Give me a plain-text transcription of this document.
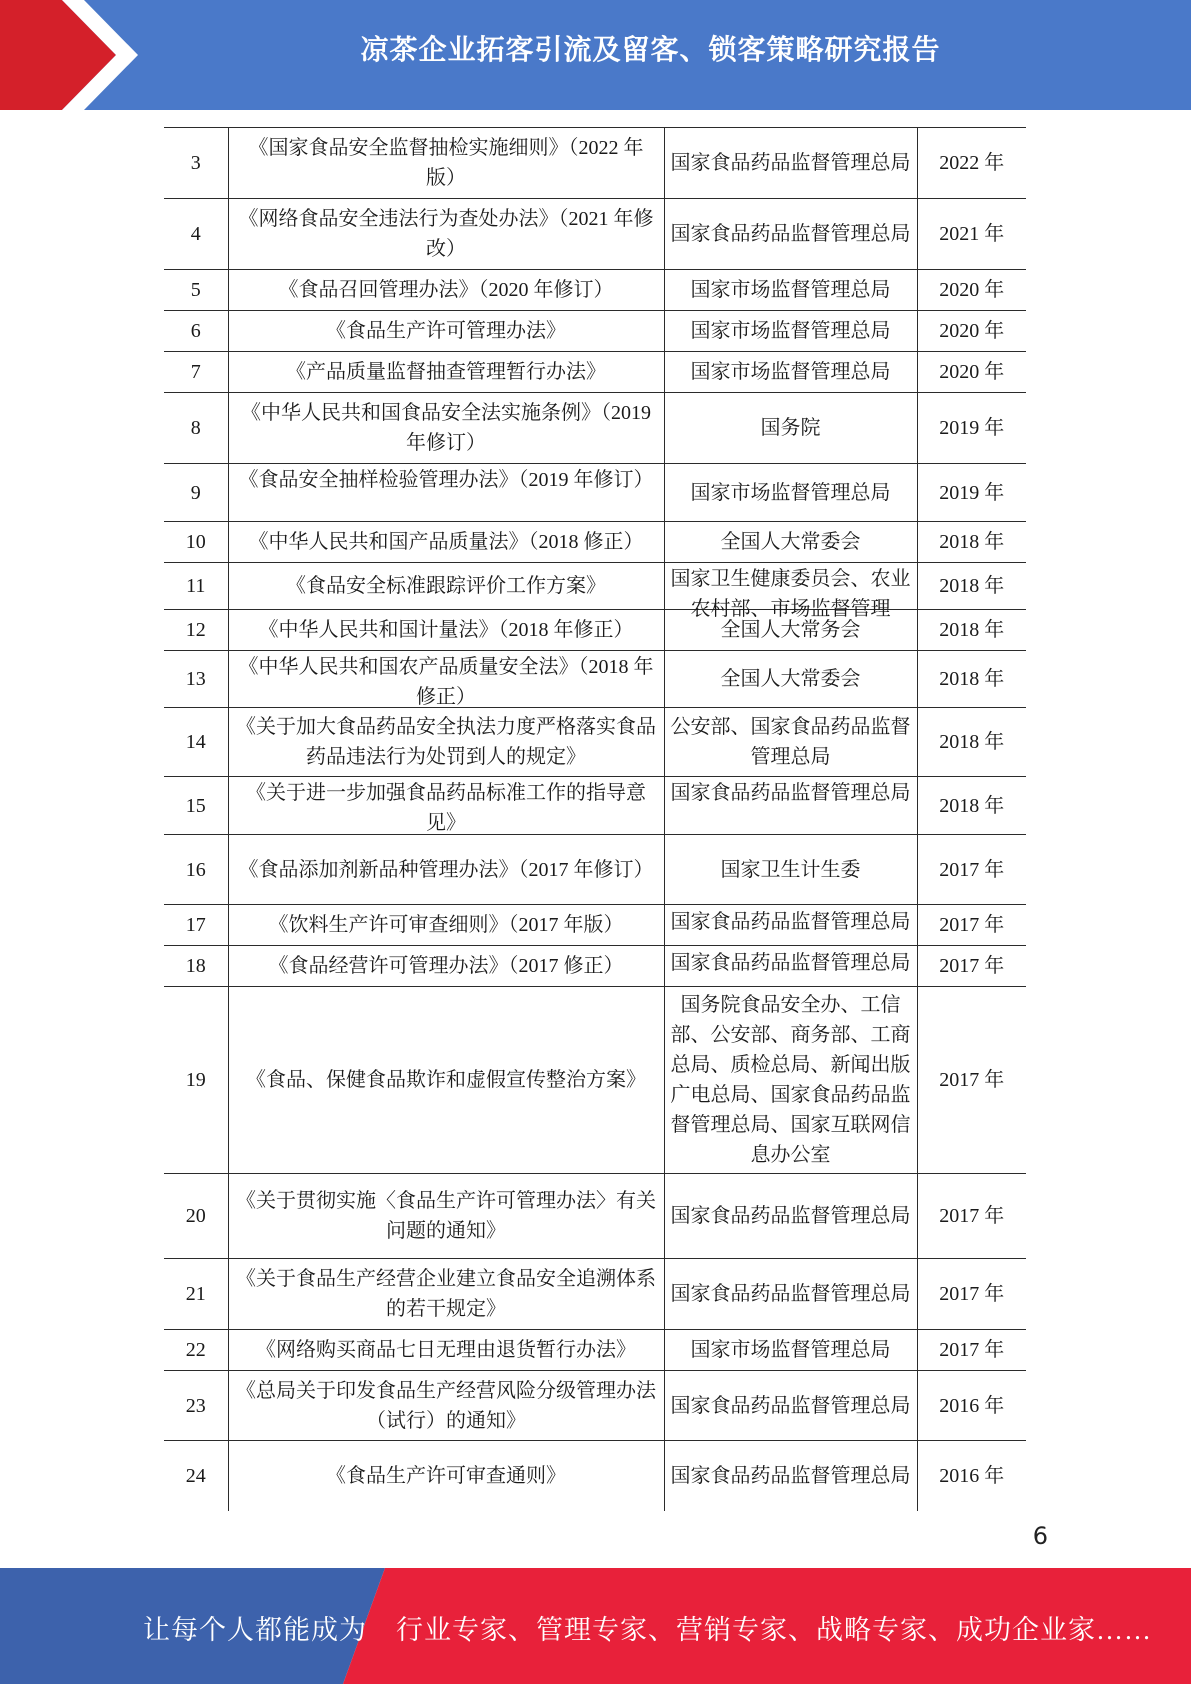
凉茶企业拓客引流及留客、锁客策略研究报告
3	《国家食品安全监督抽检实施细则》（2022 年版）	国家食品药品监督管理总局	2022 年
4	《网络食品安全违法行为查处办法》（2021 年修改）	国家食品药品监督管理总局	2021 年
5	《食品召回管理办法》（2020 年修订）	国家市场监督管理总局	2020 年
6	《食品生产许可管理办法》	国家市场监督管理总局	2020 年
7	《产品质量监督抽查管理暂行办法》	国家市场监督管理总局	2020 年
8	《中华人民共和国食品安全法实施条例》（2019 年修订）	国务院	2019 年
9	《食品安全抽样检验管理办法》（2019 年修订）	国家市场监督管理总局	2019 年
10	《中华人民共和国产品质量法》（2018 修正）	全国人大常委会	2018 年
11	《食品安全标准跟踪评价工作方案》	国家卫生健康委员会、农业农村部、市场监督管理	2018 年
12	《中华人民共和国计量法》（2018 年修正）	全国人大常务会	2018 年
13	《中华人民共和国农产品质量安全法》（2018 年修正）	全国人大常委会	2018 年
14	《关于加大食品药品安全执法力度严格落实食品药品违法行为处罚到人的规定》	公安部、国家食品药品监督管理总局	2018 年
15	《关于进一步加强食品药品标准工作的指导意见》	国家食品药品监督管理总局	2018 年
16	《食品添加剂新品种管理办法》（2017 年修订）	国家卫生计生委	2017 年
17	《饮料生产许可审查细则》（2017 年版）	国家食品药品监督管理总局	2017 年
18	《食品经营许可管理办法》（2017 修正）	国家食品药品监督管理总局	2017 年
19	《食品、保健食品欺诈和虚假宣传整治方案》	国务院食品安全办、工信部、公安部、商务部、工商总局、质检总局、新闻出版广电总局、国家食品药品监督管理总局、国家互联网信息办公室	2017 年
20	《关于贯彻实施〈食品生产许可管理办法〉有关问题的通知》	国家食品药品监督管理总局	2017 年
21	《关于食品生产经营企业建立食品安全追溯体系的若干规定》	国家食品药品监督管理总局	2017 年
22	《网络购买商品七日无理由退货暂行办法》	国家市场监督管理总局	2017 年
23	《总局关于印发食品生产经营风险分级管理办法（试行）的通知》	国家食品药品监督管理总局	2016 年
24	《食品生产许可审查通则》	国家食品药品监督管理总局	2016 年
6
让每个人都能成为 行业专家、管理专家、营销专家、战略专家、成功企业家……
